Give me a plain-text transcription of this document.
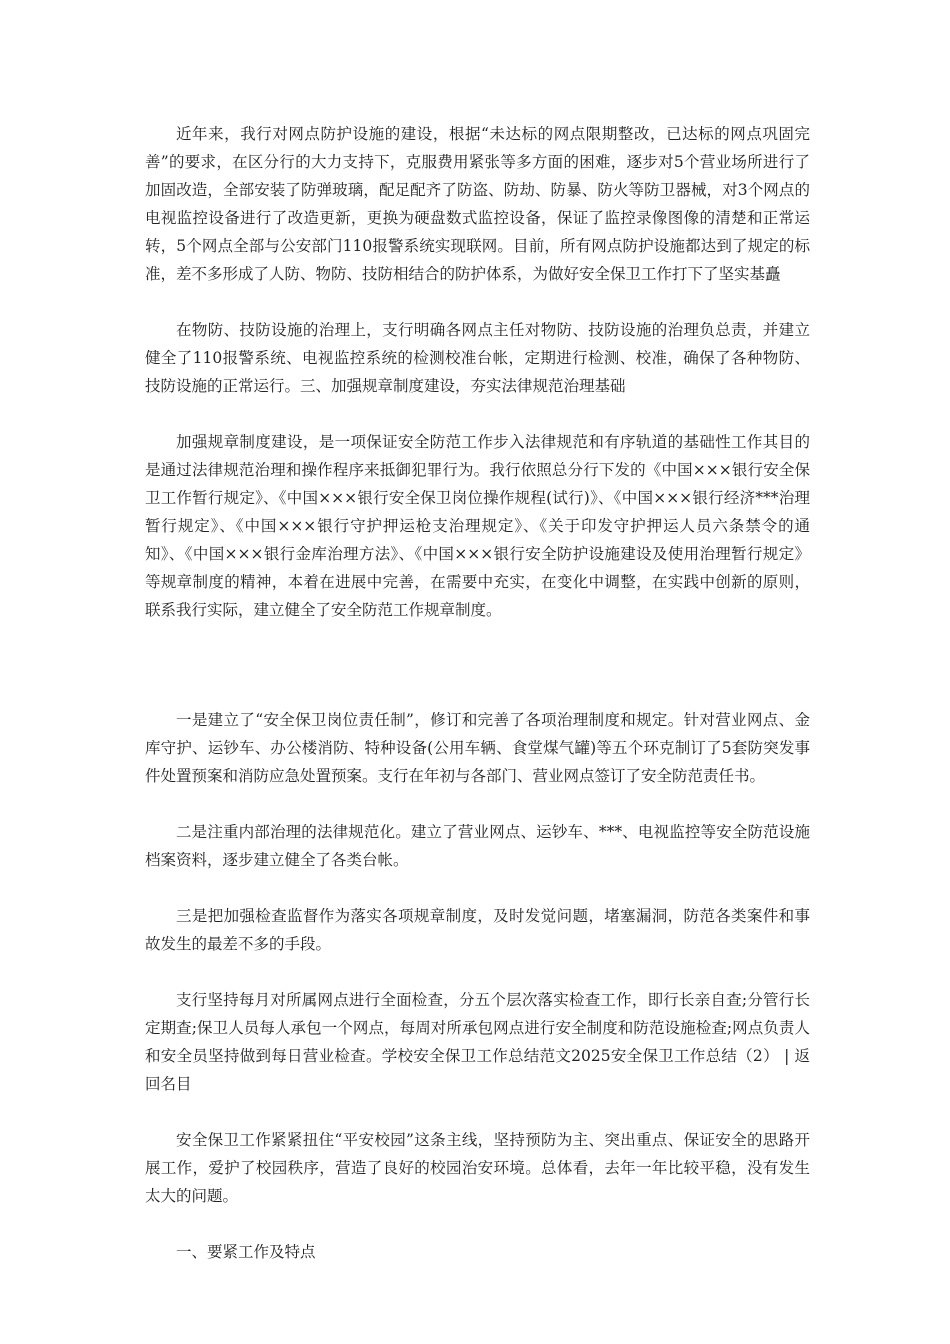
近年来，我行对网点防护设施的建设，根据“未达标的网点限期整改，已达标的网点巩固完善”的要求，在区分行的大力支持下，克服费用紧张等多方面的困难，逐步对5个营业场所进行了加固改造，全部安装了防弹玻璃，配足配齐了防盗、防劫、防暴、防火等防卫器械，对3个网点的电视监控设备进行了改造更新，更换为硬盘数式监控设备，保证了监控录像图像的清楚和正常运转，5个网点全部与公安部门110报警系统实现联网。目前，所有网点防护设施都达到了规定的标准，差不多形成了人防、物防、技防相结合的防护体系，为做好安全保卫工作打下了坚实基矗

在物防、技防设施的治理上，支行明确各网点主任对物防、技防设施的治理负总责，并建立健全了110报警系统、电视监控系统的检测校准台帐，定期进行检测、校准，确保了各种物防、技防设施的正常运行。三、加强规章制度建设，夯实法律规范治理基础

加强规章制度建设，是一项保证安全防范工作步入法律规范和有序轨道的基础性工作其目的是通过法律规范治理和操作程序来抵御犯罪行为。我行依照总分行下发的《中国×××银行安全保卫工作暂行规定》、《中国×××银行安全保卫岗位操作规程(试行)》、《中国×××银行经济***治理暂行规定》、《中国×××银行守护押运枪支治理规定》、《关于印发守护押运人员六条禁令的通知》、《中国×××银行金库治理方法》、《中国×××银行安全防护设施建设及使用治理暂行规定》等规章制度的精神，本着在进展中完善，在需要中充实，在变化中调整，在实践中创新的原则，联系我行实际，建立健全了安全防范工作规章制度。

一是建立了“安全保卫岗位责任制”，修订和完善了各项治理制度和规定。针对营业网点、金库守护、运钞车、办公楼消防、特种设备(公用车辆、食堂煤气罐)等五个环克制订了5套防突发事件处置预案和消防应急处置预案。支行在年初与各部门、营业网点签订了安全防范责任书。

二是注重内部治理的法律规范化。建立了营业网点、运钞车、***、电视监控等安全防范设施档案资料，逐步建立健全了各类台帐。

三是把加强检查监督作为落实各项规章制度，及时发觉问题，堵塞漏洞，防范各类案件和事故发生的最差不多的手段。

支行坚持每月对所属网点进行全面检查，分五个层次落实检查工作，即行长亲自查;分管行长定期查;保卫人员每人承包一个网点，每周对所承包网点进行安全制度和防范设施检查;网点负责人和安全员坚持做到每日营业检查。学校安全保卫工作总结范文2025安全保卫工作总结（2） | 返回名目

安全保卫工作紧紧扭住“平安校园”这条主线，坚持预防为主、突出重点、保证安全的思路开展工作，爱护了校园秩序，营造了良好的校园治安环境。总体看，去年一年比较平稳，没有发生太大的问题。

一、要紧工作及特点
